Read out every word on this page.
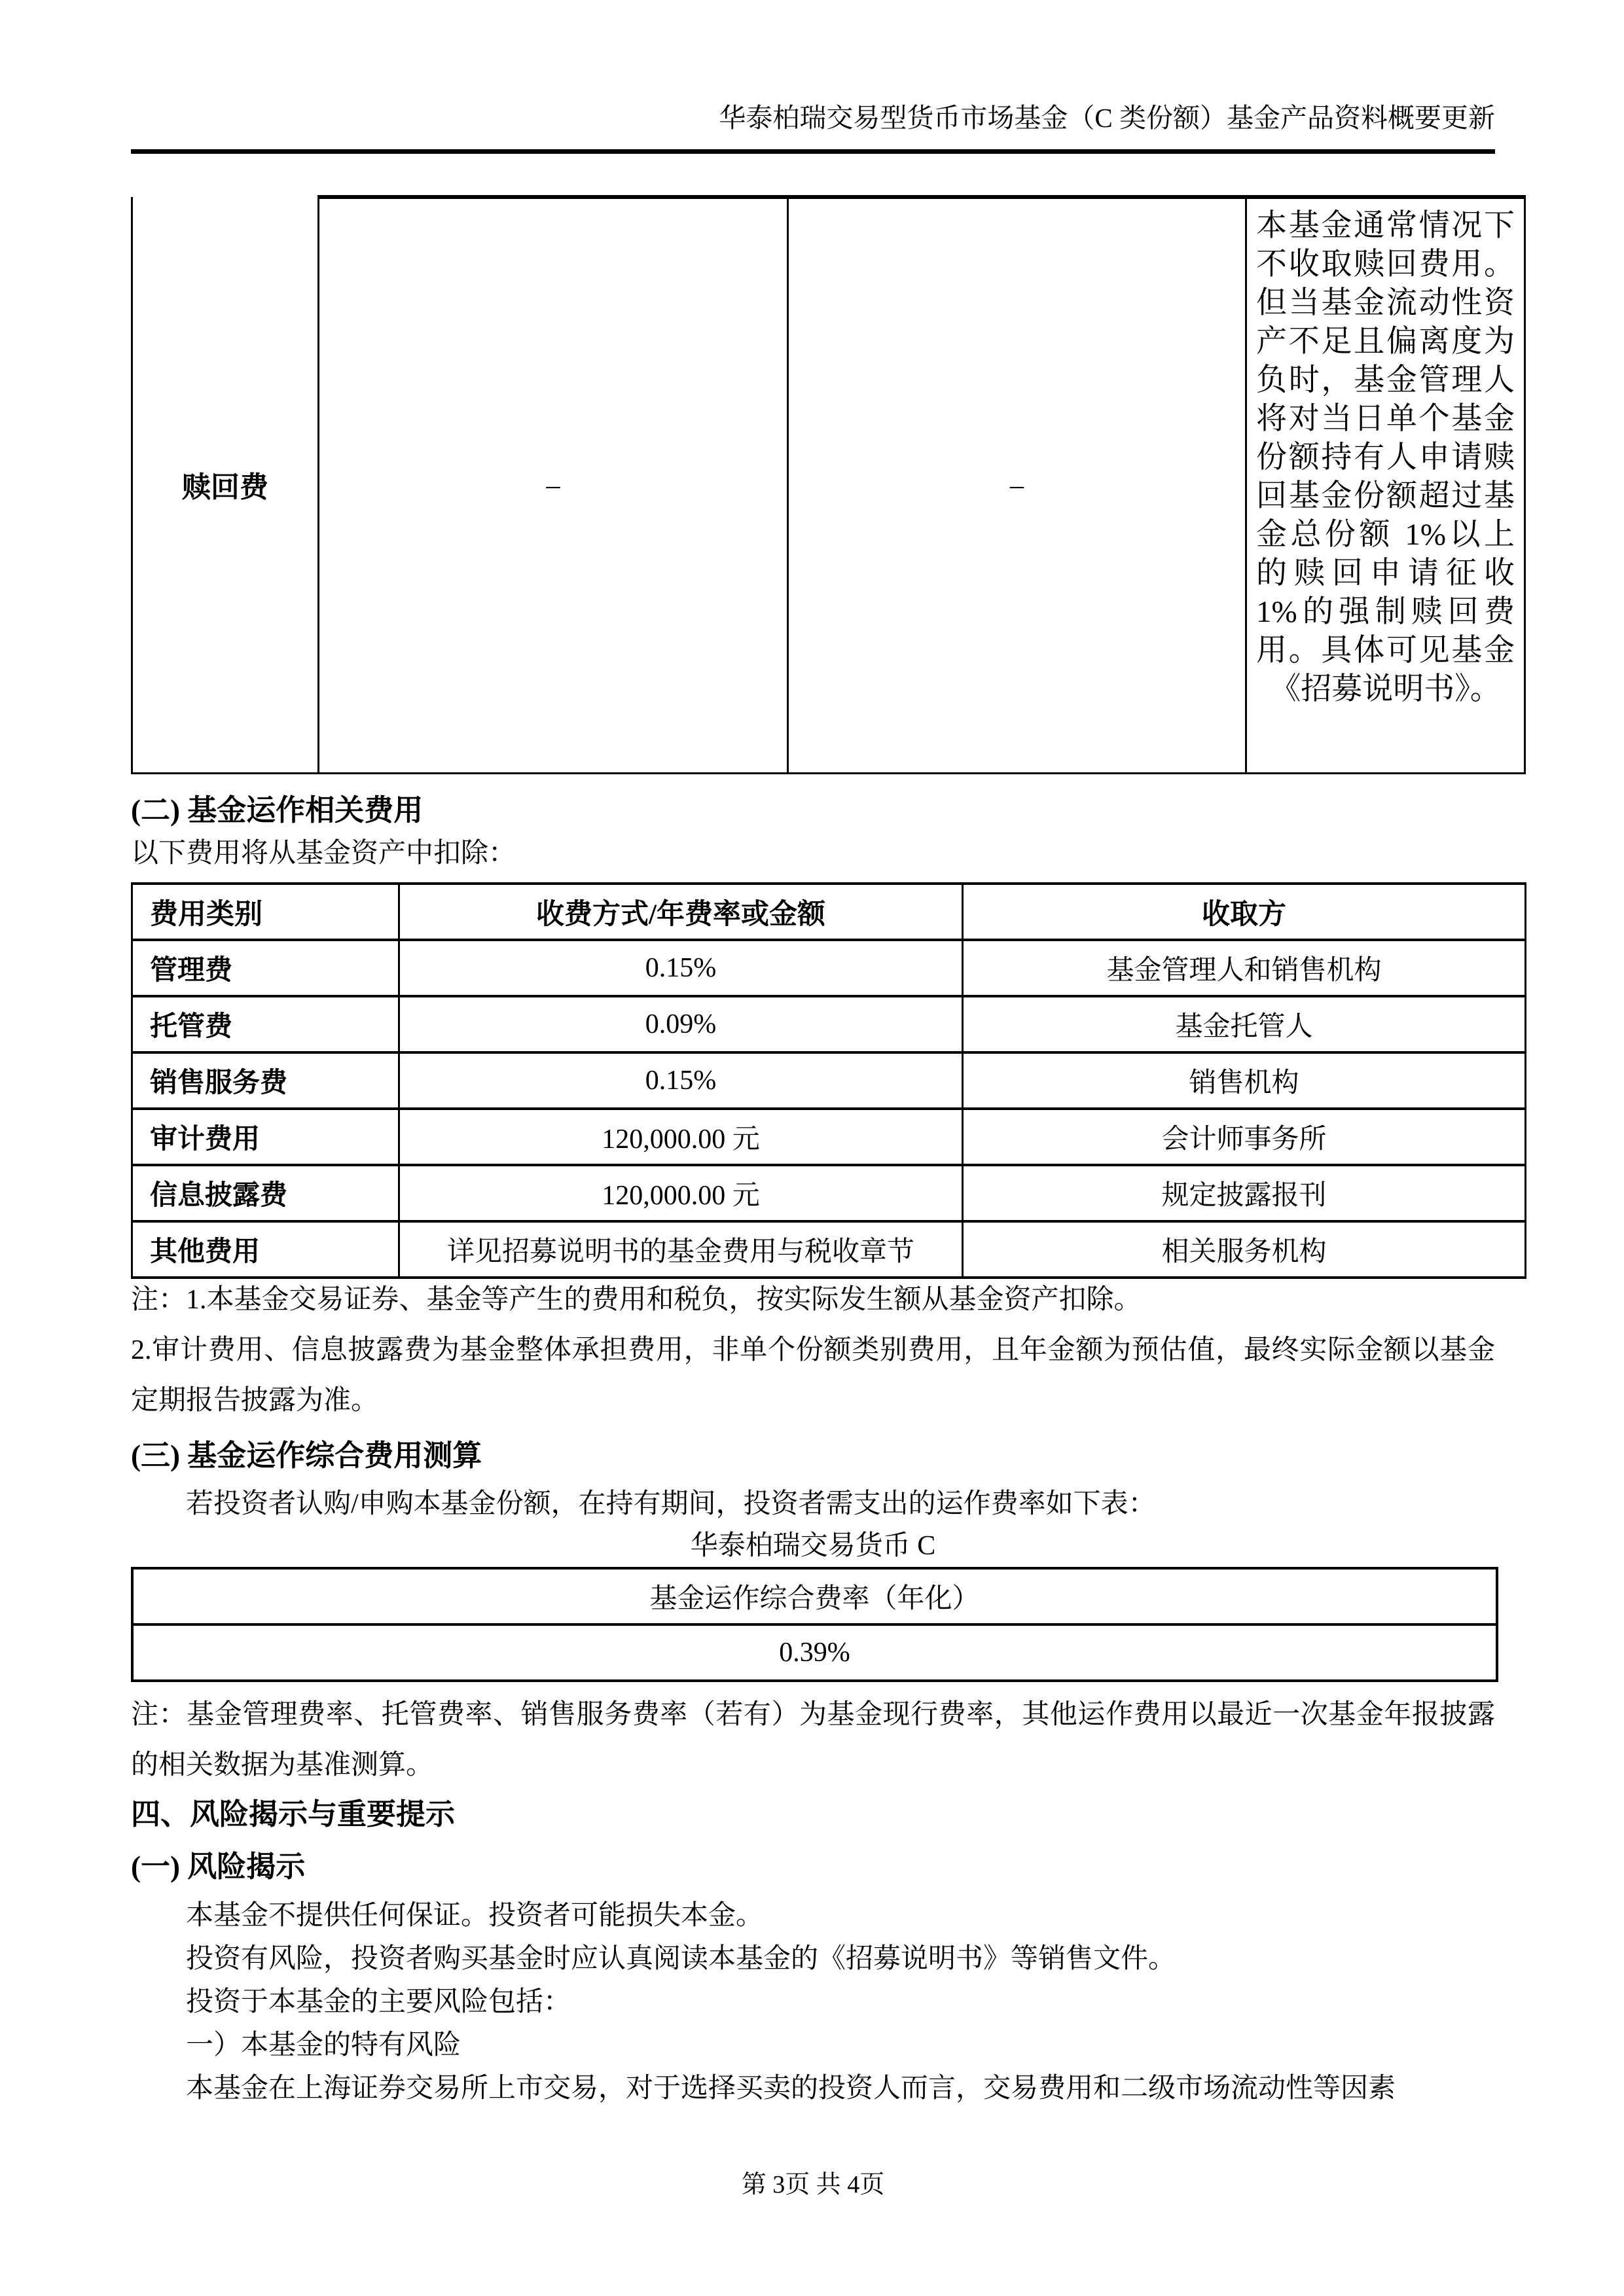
华泰柏瑞交易型货币市场基金（C 类份额）基金产品资料概要更新
赎回费	–	–	本基金通常情况下不收取赎回费用。但当基金流动性资产不足且偏离度为负时，基金管理人将对当日单个基金份额持有人申请赎回基金份额超过基金总份额 1%以上的赎回申请征收 1%的强制赎回费用。具体可见基金《招募说明书》。
(二) 基金运作相关费用
以下费用将从基金资产中扣除：
费用类别	收费方式/年费率或金额	收取方
管理费	0.15%	基金管理人和销售机构
托管费	0.09%	基金托管人
销售服务费	0.15%	销售机构
审计费用	120,000.00 元	会计师事务所
信息披露费	120,000.00 元	规定披露报刊
其他费用	详见招募说明书的基金费用与税收章节	相关服务机构

注：1.本基金交易证券、基金等产生的费用和税负，按实际发生额从基金资产扣除。

2.审计费用、信息披露费为基金整体承担费用，非单个份额类别费用，且年金额为预估值，最终实际金额以基金定期报告披露为准。

(三) 基金运作综合费用测算
若投资者认购/申购本基金份额，在持有期间，投资者需支出的运作费率如下表：
华泰柏瑞交易货币 C
基金运作综合费率（年化）
0.39%
注：基金管理费率、托管费率、销售服务费率（若有）为基金现行费率，其他运作费用以最近一次基金年报披露的相关数据为基准测算。
四、风险揭示与重要提示
(一) 风险揭示

本基金不提供任何保证。投资者可能损失本金。

投资有风险，投资者购买基金时应认真阅读本基金的《招募说明书》等销售文件。

投资于本基金的主要风险包括：

一）本基金的特有风险

本基金在上海证券交易所上市交易，对于选择买卖的投资人而言，交易费用和二级市场流动性等因素

第 3页 共 4页
